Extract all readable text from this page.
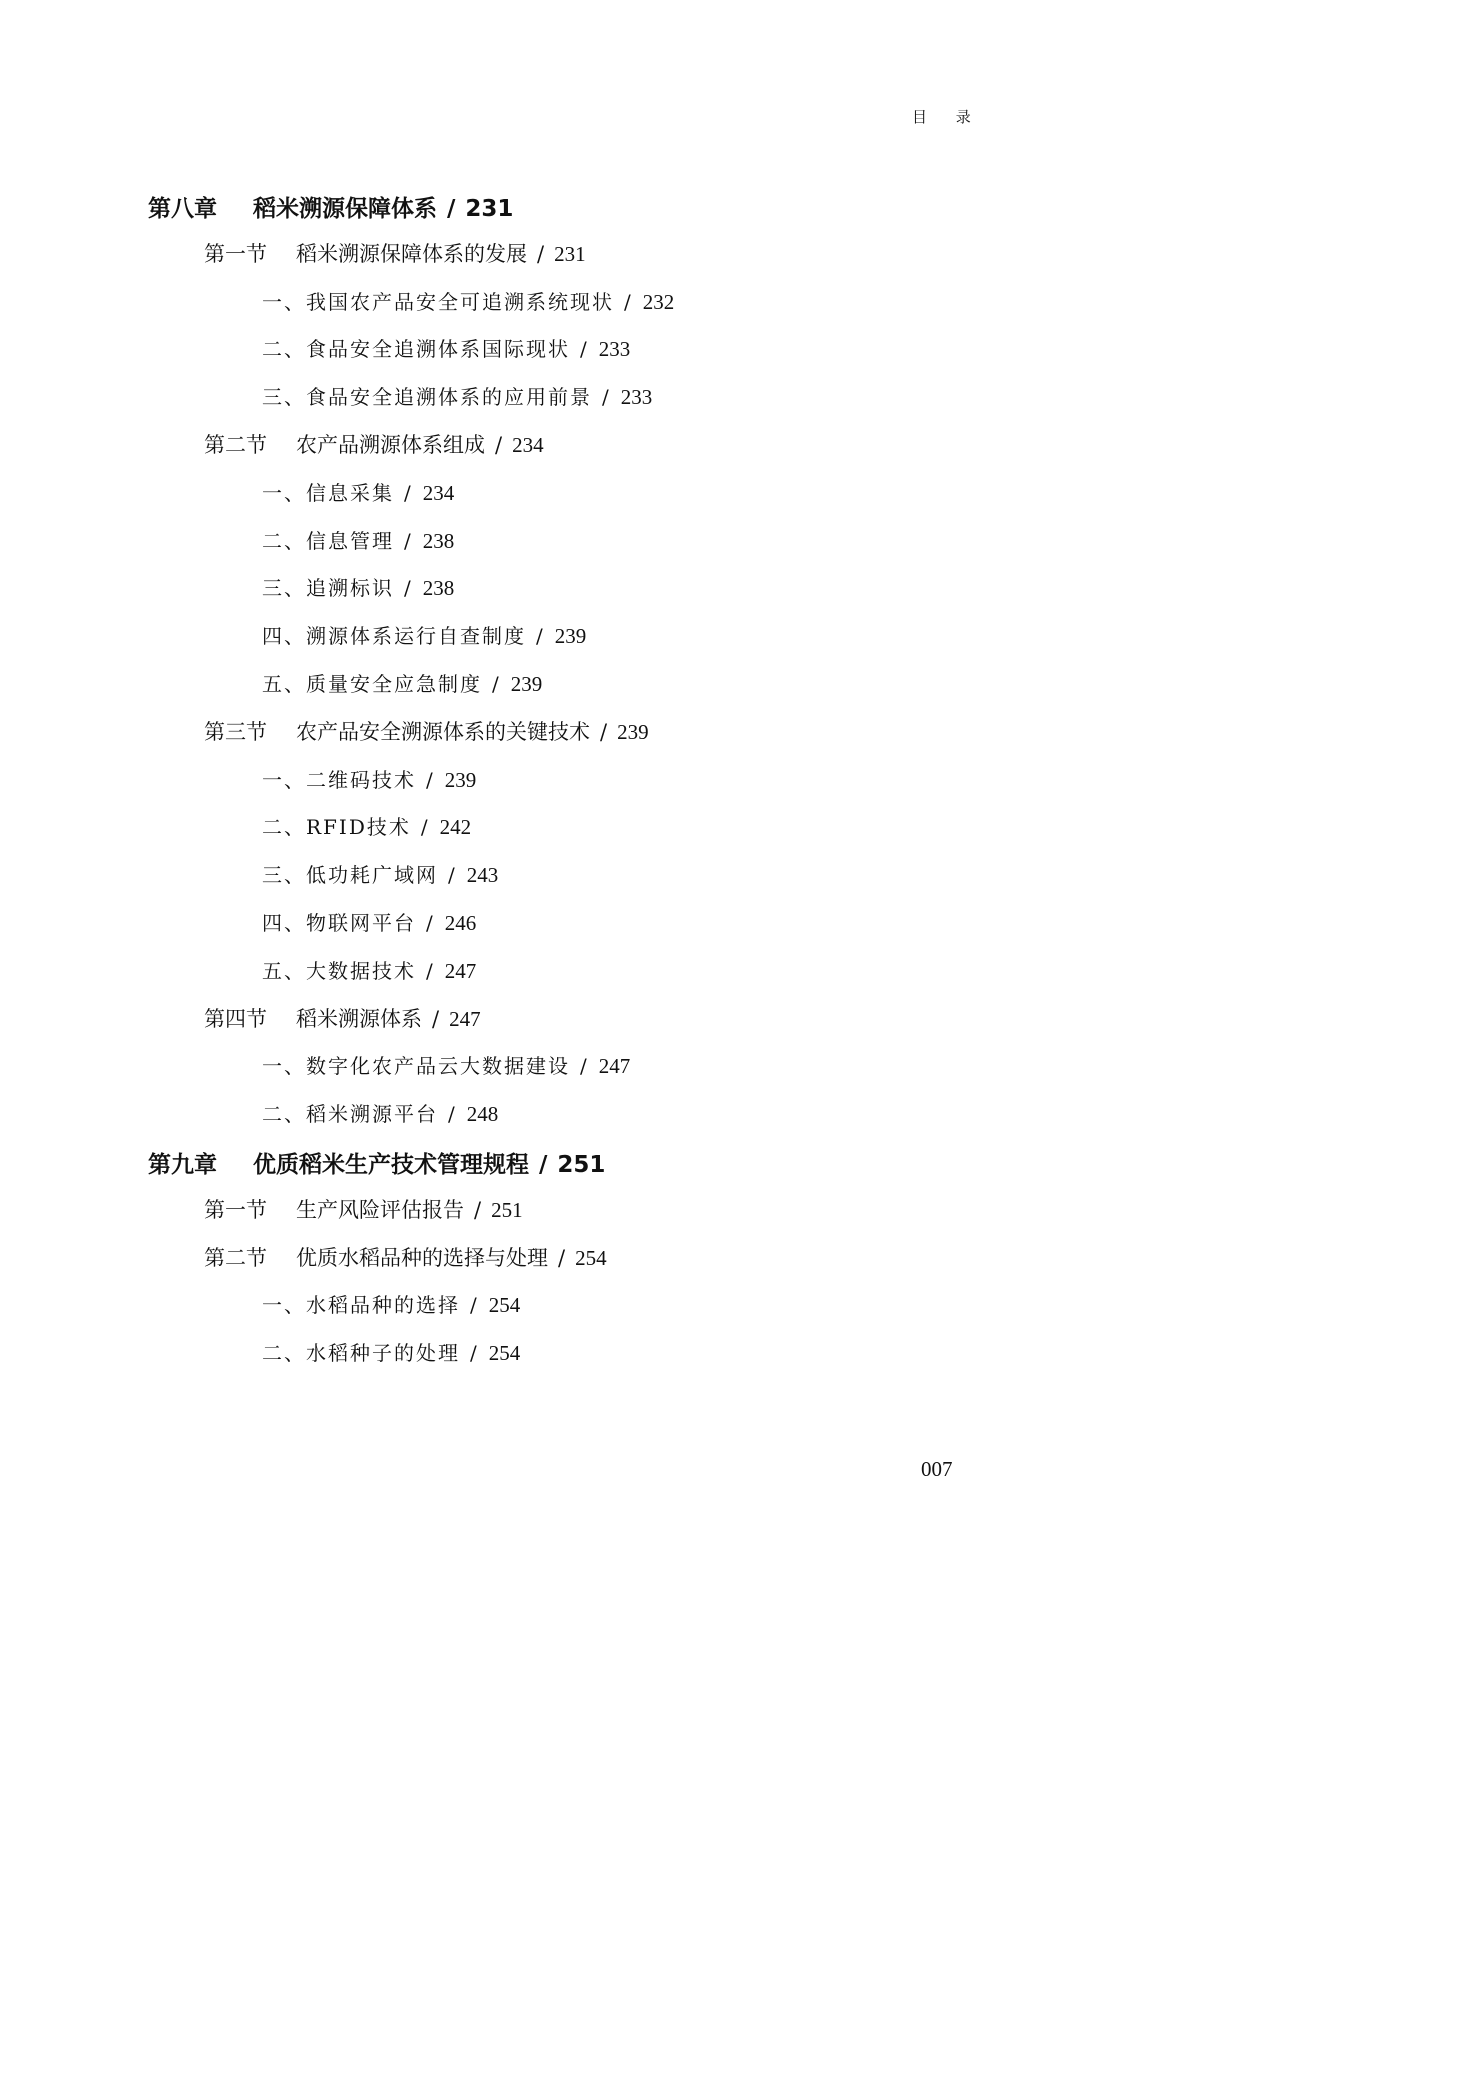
目 录
第八章 稻米溯源保障体系 / 231
第一节 稻米溯源保障体系的发展 / 231
一、我国农产品安全可追溯系统现状 / 232
二、食品安全追溯体系国际现状 / 233
三、食品安全追溯体系的应用前景 / 233
第二节 农产品溯源体系组成 / 234
一、信息采集 / 234
二、信息管理 / 238
三、追溯标识 / 238
四、溯源体系运行自查制度 / 239
五、质量安全应急制度 / 239
第三节 农产品安全溯源体系的关键技术 / 239
一、二维码技术 / 239
二、RFID技术 / 242
三、低功耗广域网 / 243
四、物联网平台 / 246
五、大数据技术 / 247
第四节 稻米溯源体系 / 247
一、数字化农产品云大数据建设 / 247
二、稻米溯源平台 / 248
第九章 优质稻米生产技术管理规程 / 251
第一节 生产风险评估报告 / 251
第二节 优质水稻品种的选择与处理 / 254
一、水稻品种的选择 / 254
二、水稻种子的处理 / 254
007
